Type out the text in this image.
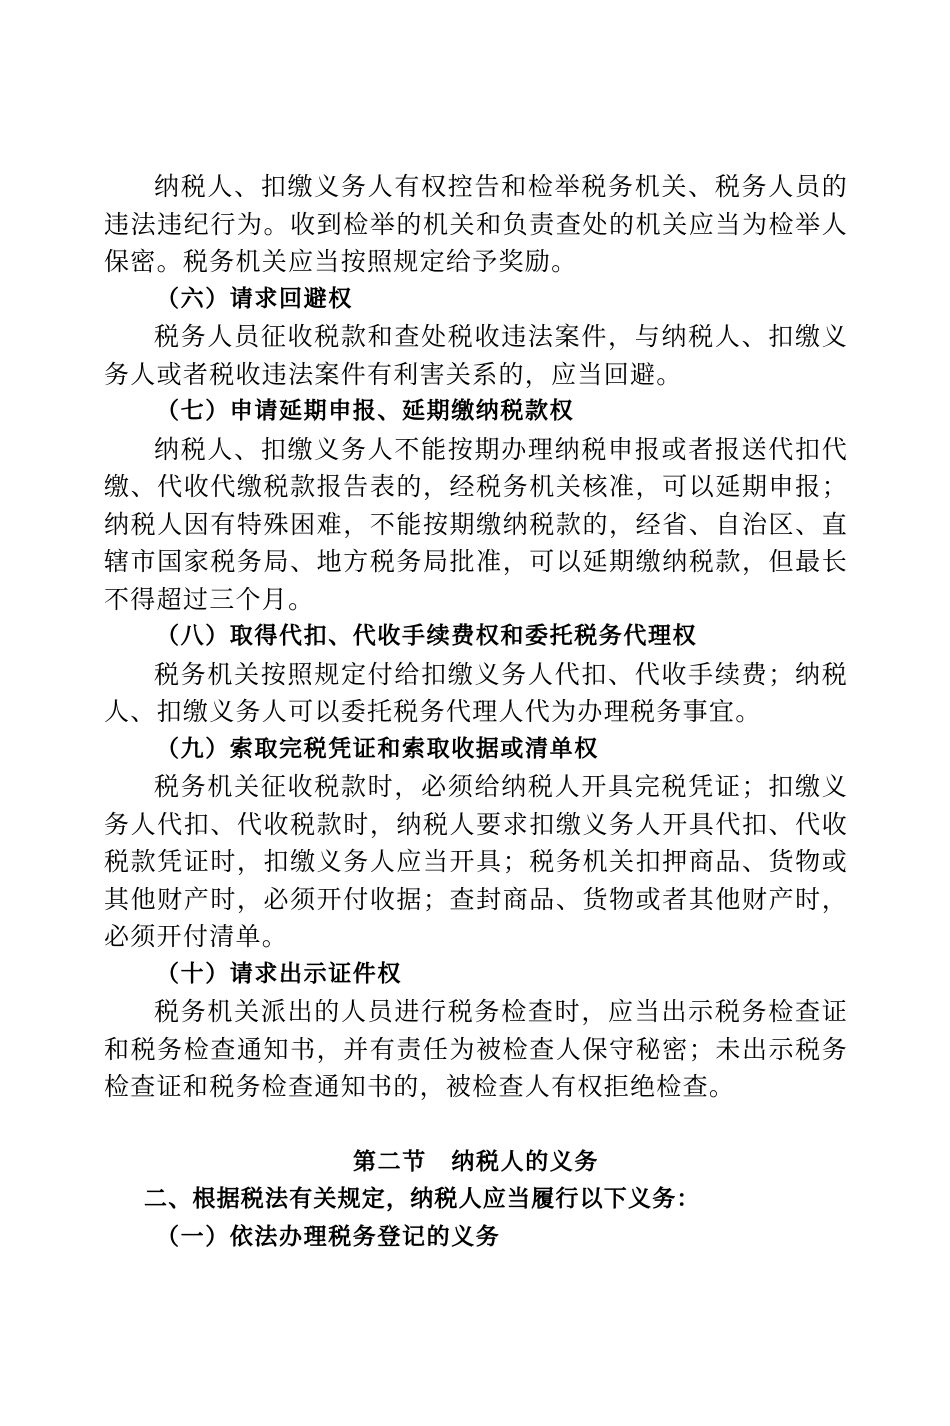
纳税人、扣缴义务人有权控告和检举税务机关、税务人员的违法违纪行为。收到检举的机关和负责查处的机关应当为检举人保密。税务机关应当按照规定给予奖励。

（六）请求回避权

税务人员征收税款和查处税收违法案件，与纳税人、扣缴义务人或者税收违法案件有利害关系的，应当回避。

（七）申请延期申报、延期缴纳税款权

纳税人、扣缴义务人不能按期办理纳税申报或者报送代扣代缴、代收代缴税款报告表的，经税务机关核准，可以延期申报；纳税人因有特殊困难，不能按期缴纳税款的，经省、自治区、直辖市国家税务局、地方税务局批准，可以延期缴纳税款，但最长不得超过三个月。

（八）取得代扣、代收手续费权和委托税务代理权

税务机关按照规定付给扣缴义务人代扣、代收手续费；纳税人、扣缴义务人可以委托税务代理人代为办理税务事宜。

（九）索取完税凭证和索取收据或清单权

税务机关征收税款时，必须给纳税人开具完税凭证；扣缴义务人代扣、代收税款时，纳税人要求扣缴义务人开具代扣、代收税款凭证时，扣缴义务人应当开具；税务机关扣押商品、货物或其他财产时，必须开付收据；查封商品、货物或者其他财产时，必须开付清单。

（十）请求出示证件权

税务机关派出的人员进行税务检查时，应当出示税务检查证和税务检查通知书，并有责任为被检查人保守秘密；未出示税务检查证和税务检查通知书的，被检查人有权拒绝检查。

第二节　纳税人的义务

二、根据税法有关规定，纳税人应当履行以下义务：

（一）依法办理税务登记的义务
